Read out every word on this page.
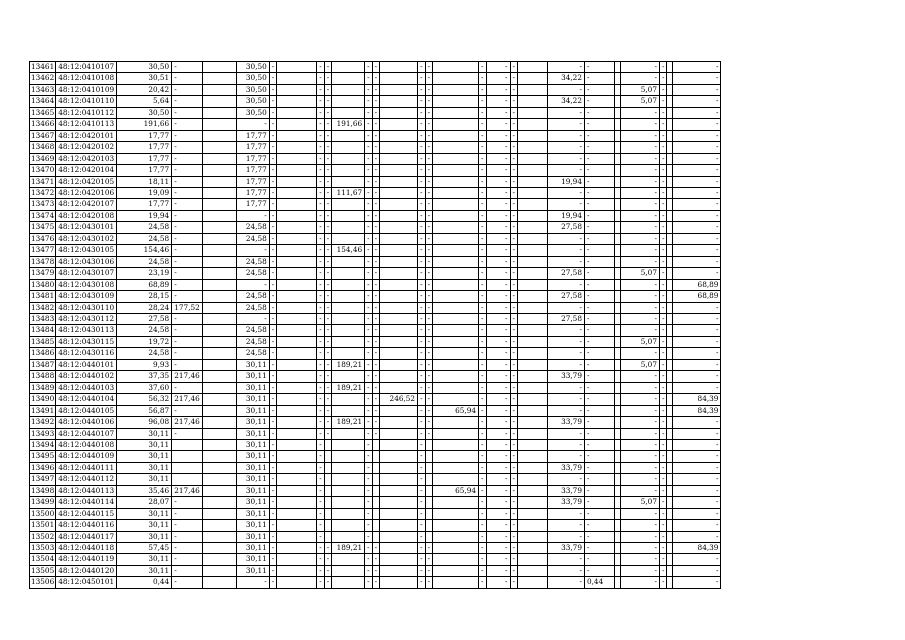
13461	48:12:0410107	30,50	-		30,50	-		-	-		-	-		-	-		-	-	-		-	-		-	-		-
13462	48:12:0410108	30,51	-		30,50	-		-	-		-	-		-	-		-	-	-		34,22	-		-	-		-
13463	48:12:0410109	20,42	-		30,50	-		-	-		-	-		-	-		-	-	-		-	-		5,07	-		-
13464	48:12:0410110	5,64	-		30,50	-		-	-		-	-		-	-		-	-	-		34,22	-		5,07	-		-
13465	48:12:0410112	30,50	-		30,50	-		-	-		-	-		-	-		-	-	-		-	-		-	-		-
13466	48:12:0410113	191,66	-		-	-		-	-	191,66	-	-		-	-		-	-	-		-	-		-	-		-
13467	48:12:0420101	17,77	-		17,77	-		-	-		-	-		-	-		-	-	-		-	-		-	-		-
13468	48:12:0420102	17,77	-		17,77	-		-	-		-	-		-	-		-	-	-		-	-		-	-		-
13469	48:12:0420103	17,77	-		17,77	-		-	-		-	-		-	-		-	-	-		-	-		-	-		-
13470	48:12:0420104	17,77	-		17,77	-		-	-		-	-		-	-		-	-	-		-	-		-	-		-
13471	48:12:0420105	18,11	-		17,77	-		-	-		-	-		-	-		-	-	-		19,94	-		-	-		-
13472	48:12:0420106	19,09	-		17,77	-		-	-	111,67	-	-		-	-		-	-	-		-	-		-	-		-
13473	48:12:0420107	17,77	-		17,77	-		-	-		-	-		-	-		-	-	-		-	-		-	-		-
13474	48:12:0420108	19,94	-		-	-		-	-		-	-		-	-		-	-	-		19,94	-		-	-		-
13475	48:12:0430101	24,58	-		24,58	-		-	-		-	-		-	-		-	-	-		27,58	-		-	-		-
13476	48:12:0430102	24,58	-		24,58	-		-	-		-	-		-	-		-	-	-		-	-		-	-		-
13477	48:12:0430105	154,46	-		-	-		-	-	154,46	-	-		-	-		-	-	-		-	-		-	-		-
13478	48:12:0430106	24,58	-		24,58	-		-	-		-	-		-	-		-	-	-		-	-		-	-		-
13479	48:12:0430107	23,19	-		24,58	-		-	-		-	-		-	-		-	-	-		27,58	-		5,07	-		-
13480	48:12:0430108	68,89	-		-	-		-	-		-	-		-	-		-	-	-		-	-		-	-		68,89
13481	48:12:0430109	28,15	-		24,58	-		-	-		-	-		-	-		-	-	-		27,58	-		-	-		68,89
13482	48:12:0430110	28,24	177,52		24,58	-		-	-		-	-		-	-		-	-	-		-	-		-	-		-
13483	48:12:0430112	27,58	-		-	-		-	-		-	-		-	-		-	-	-		27,58	-		-	-		-
13484	48:12:0430113	24,58	-		24,58	-		-	-		-	-		-	-		-	-	-		-	-		-	-		-
13485	48:12:0430115	19,72	-		24,58	-		-	-		-	-		-	-		-	-	-		-	-		5,07	-		-
13486	48:12:0430116	24,58	-		24,58	-		-	-		-	-		-	-		-	-	-		-	-		-	-		-
13487	48:12:0440101	9,93	-		30,11	-		-	-	189,21	-	-		-	-		-	-	-		-	-		5,07	-		-
13488	48:12:0440102	37,35	217,46		30,11	-		-	-		-	-		-	-		-	-	-		33,79	-		-	-		-
13489	48:12:0440103	37,60	-		30,11	-		-	-	189,21	-	-		-	-		-	-	-		-	-		-	-		-
13490	48:12:0440104	56,32	217,46		30,11	-		-	-		-	-	246,52	-	-		-	-	-		-	-		-	-		84,39
13491	48:12:0440105	56,87	-		30,11	-		-	-		-	-		-	-	65,94	-	-	-		-	-		-	-		84,39
13492	48:12:0440106	96,08	217,46		30,11	-		-	-	189,21	-	-		-	-		-	-	-		33,79	-		-	-		-
13493	48:12:0440107	30,11	-		30,11	-		-	-		-	-		-	-		-	-	-		-	-		-	-		-
13494	48:12:0440108	30,11			30,11	-		-			-			-			-	-	-		-	-		-	-		-
13495	48:12:0440109	30,11			30,11	-		-			-			-			-	-	-		-	-		-	-		-
13496	48:12:0440111	30,11			30,11	-		-			-			-			-	-	-		33,79	-		-	-		-
13497	48:12:0440112	30,11			30,11	-		-			-			-			-	-	-		-	-		-	-		-
13498	48:12:0440113	35,46	217,46		30,11	-		-			-			-		65,94	-	-	-		33,79	-		-	-		-
13499	48:12:0440114	28,07	-		30,11	-		-			-			-			-	-	-		33,79	-		5,07	-		-
13500	48:12:0440115	30,11	-		30,11	-		-			-			-			-	-	-		-	-		-	-		-
13501	48:12:0440116	30,11	-		30,11	-		-			-			-			-	-	-		-	-		-	-		-
13502	48:12:0440117	30,11	-		30,11	-		-			-			-			-	-	-		-	-		-	-		-
13503	48:12:0440118	57,45	-		30,11	-		-	-	189,21	-	-		-	-		-	-	-		33,79	-		-	-		84,39
13504	48:12:0440119	30,11	-		30,11	-		-	-		-	-		-	-		-	-	-		-	-		-	-		-
13505	48:12:0440120	30,11	-		30,11	-		-	-		-	-		-	-		-	-	-		-	-		-	-		-
13506	48:12:0450101	0,44	-		-	-		-	-		-	-		-	-		-	-	-		-	0,44		-	-		-
